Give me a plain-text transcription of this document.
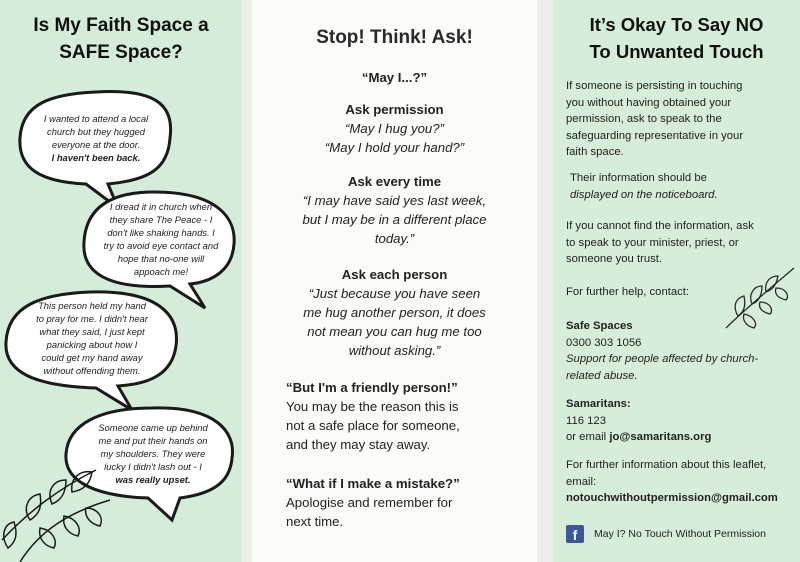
Is My Faith Space a
SAFE Space?
I wanted to attend a local
church but they hugged
everyone at the door.
I haven't been back.
I dread it in church when
they share The Peace - I
don't like shaking hands. I
try to avoid eye contact and
hope that no-one will
appoach me!
This person held my hand
to pray for me. I didn't hear
what they said, I just kept
panicking about how I
could get my hand away
without offending them.
Someone came up behind
me and put their hands on
my shoulders. They were
lucky I didn't lash out - I
was really upset.
Stop! Think! Ask!
“May I...?”
Ask permission
“May I hug you?”
“May I hold your hand?”
Ask every time
“I may have said yes last week,
but I may be in a different place
today.”
Ask each person
“Just because you have seen
me hug another person, it does
not mean you can hug me too
without asking.”
“But I'm a friendly person!”
You may be the reason this is
not a safe place for someone,
and they may stay away.
“What if I make a mistake?”
Apologise and remember for
next time.
It’s Okay To Say NO
To Unwanted Touch
If someone is persisting in touching
you without having obtained your
permission, ask to speak to the
safeguarding representative in your
faith space.
Their information should be
displayed on the noticeboard.
If you cannot find the information, ask
to speak to your minister, priest, or
someone you trust.
For further help, contact:
Safe Spaces
0300 303 1056
Support for people affected by church-
related abuse.
Samaritans:
116 123
or email jo@samaritans.org
For further information about this leaflet,
email:
notouchwithoutpermission@gmail.com
f	May I? No Touch Without Permission
